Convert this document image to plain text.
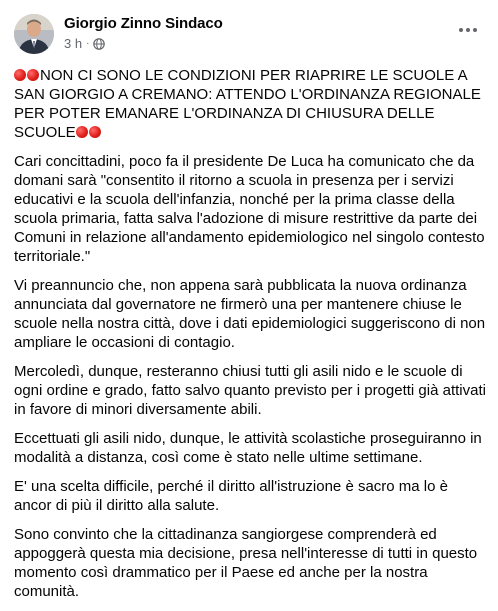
Giorgio Zinno Sindaco
3 h ·

NON CI SONO LE CONDIZIONI PER RIAPRIRE LE SCUOLE A SAN GIORGIO A CREMANO: ATTENDO L'ORDINANZA REGIONALE PER POTER EMANARE L'ORDINANZA DI CHIUSURA DELLE SCUOLE

Cari concittadini, poco fa il presidente De Luca ha comunicato che da domani sarà "consentito il ritorno a scuola in presenza per i servizi educativi e la scuola dell'infanzia, nonché per la prima classe della scuola primaria, fatta salva l'adozione di misure restrittive da parte dei Comuni in relazione all'andamento epidemiologico nel singolo contesto territoriale."

Vi preannuncio che, non appena sarà pubblicata la nuova ordinanza annunciata dal governatore ne firmerò una per mantenere chiuse le scuole nella nostra città, dove i dati epidemiologici suggeriscono di non ampliare le occasioni di contagio.

Mercoledì, dunque, resteranno chiusi tutti gli asili nido e le scuole di ogni ordine e grado, fatto salvo quanto previsto per i progetti già attivati in favore di minori diversamente abili.

Eccettuati gli asili nido, dunque, le attività scolastiche proseguiranno in modalità a distanza, così come è stato nelle ultime settimane.

E' una scelta difficile, perché il diritto all'istruzione è sacro ma lo è ancor di più il diritto alla salute.

Sono convinto che la cittadinanza sangiorgese comprenderà ed appoggerà questa mia decisione, presa nell'interesse di tutti in questo momento così drammatico per il Paese ed anche per la nostra comunità.
